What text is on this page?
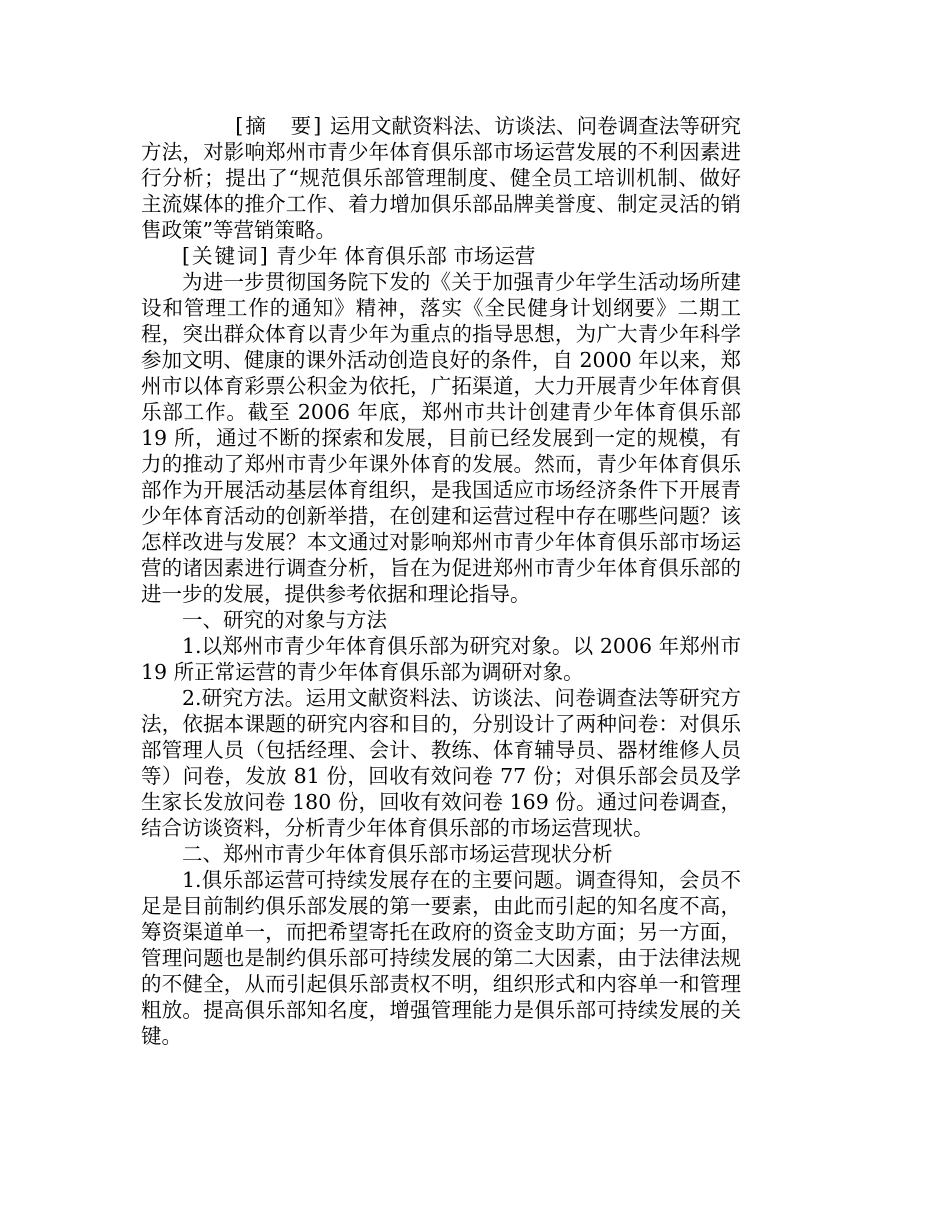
[摘　要] 运用文献资料法、访谈法、问卷调查法等研究方法，对影响郑州市青少年体育俱乐部市场运营发展的不利因素进行分析；提出了“规范俱乐部管理制度、健全员工培训机制、做好主流媒体的推介工作、着力增加俱乐部品牌美誉度、制定灵活的销售政策”等营销策略。

[关键词] 青少年 体育俱乐部 市场运营

为进一步贯彻国务院下发的《关于加强青少年学生活动场所建设和管理工作的通知》精神，落实《全民健身计划纲要》二期工程，突出群众体育以青少年为重点的指导思想，为广大青少年科学参加文明、健康的课外活动创造良好的条件，自 2000 年以来，郑州市以体育彩票公积金为依托，广拓渠道，大力开展青少年体育俱乐部工作。截至 2006 年底，郑州市共计创建青少年体育俱乐部 19 所，通过不断的探索和发展，目前已经发展到一定的规模，有力的推动了郑州市青少年课外体育的发展。然而，青少年体育俱乐部作为开展活动基层体育组织，是我国适应市场经济条件下开展青少年体育活动的创新举措，在创建和运营过程中存在哪些问题？该怎样改进与发展？本文通过对影响郑州市青少年体育俱乐部市场运营的诸因素进行调查分析，旨在为促进郑州市青少年体育俱乐部的进一步的发展，提供参考依据和理论指导。

一、研究的对象与方法

1.以郑州市青少年体育俱乐部为研究对象。以 2006 年郑州市 19 所正常运营的青少年体育俱乐部为调研对象。

2.研究方法。运用文献资料法、访谈法、问卷调查法等研究方法，依据本课题的研究内容和目的，分别设计了两种问卷：对俱乐部管理人员（包括经理、会计、教练、体育辅导员、器材维修人员等）问卷，发放 81 份，回收有效问卷 77 份；对俱乐部会员及学生家长发放问卷 180 份，回收有效问卷 169 份。通过问卷调查，结合访谈资料，分析青少年体育俱乐部的市场运营现状。

二、郑州市青少年体育俱乐部市场运营现状分析

1.俱乐部运营可持续发展存在的主要问题。调查得知，会员不足是目前制约俱乐部发展的第一要素，由此而引起的知名度不高，筹资渠道单一，而把希望寄托在政府的资金支助方面；另一方面，管理问题也是制约俱乐部可持续发展的第二大因素，由于法律法规的不健全，从而引起俱乐部责权不明，组织形式和内容单一和管理粗放。提高俱乐部知名度，增强管理能力是俱乐部可持续发展的关键。
